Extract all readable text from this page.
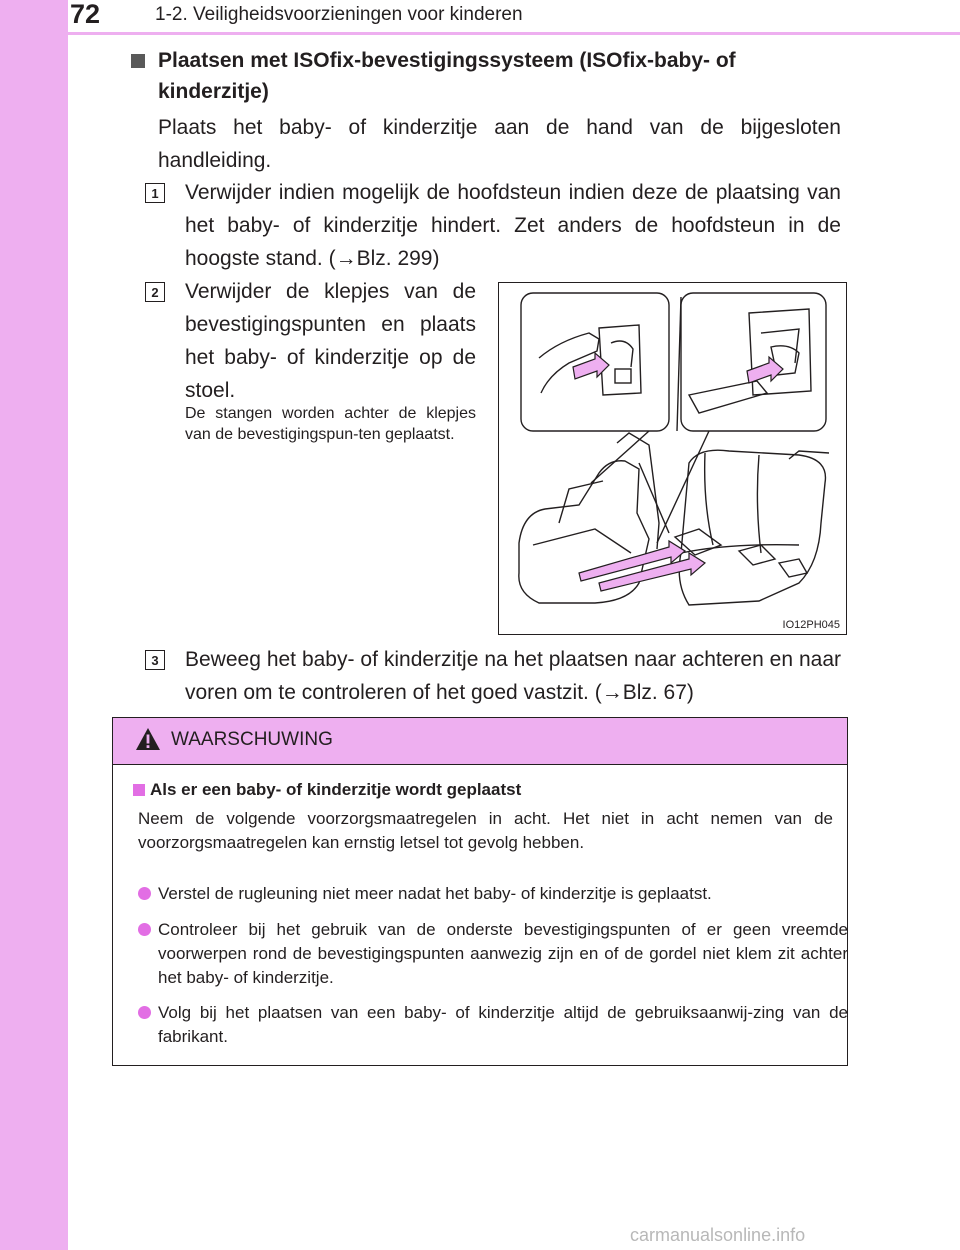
72	1-2. Veiligheidsvoorzieningen voor kinderen
Plaatsen met ISOfix-bevestigingssysteem (ISOfix-baby- of kinderzitje)
Plaats het baby- of kinderzitje aan de hand van de bijgesloten handleiding.
1	Verwijder indien mogelijk de hoofdsteun indien deze de plaatsing van het baby- of kinderzitje hindert. Zet anders de hoofdsteun in de hoogste stand. (→Blz. 299)
2	Verwijder de klepjes van de bevestigingspunten en plaats het baby- of kinderzitje op de stoel.
De stangen worden achter de klepjes van de bevestigingspun-ten geplaatst.
IO12PH045
3	Beweeg het baby- of kinderzitje na het plaatsen naar achteren en naar voren om te controleren of het goed vastzit. (→Blz. 67)
WAARSCHUWING
Als er een baby- of kinderzitje wordt geplaatst
Neem de volgende voorzorgsmaatregelen in acht. Het niet in acht nemen van de voorzorgsmaatregelen kan ernstig letsel tot gevolg hebben.
Verstel de rugleuning niet meer nadat het baby- of kinderzitje is geplaatst.
Controleer bij het gebruik van de onderste bevestigingspunten of er geen vreemde voorwerpen rond de bevestigingspunten aanwezig zijn en of de gordel niet klem zit achter het baby- of kinderzitje.
Volg bij het plaatsen van een baby- of kinderzitje altijd de gebruiksaanwij-zing van de fabrikant.
carmanualsonline.info
